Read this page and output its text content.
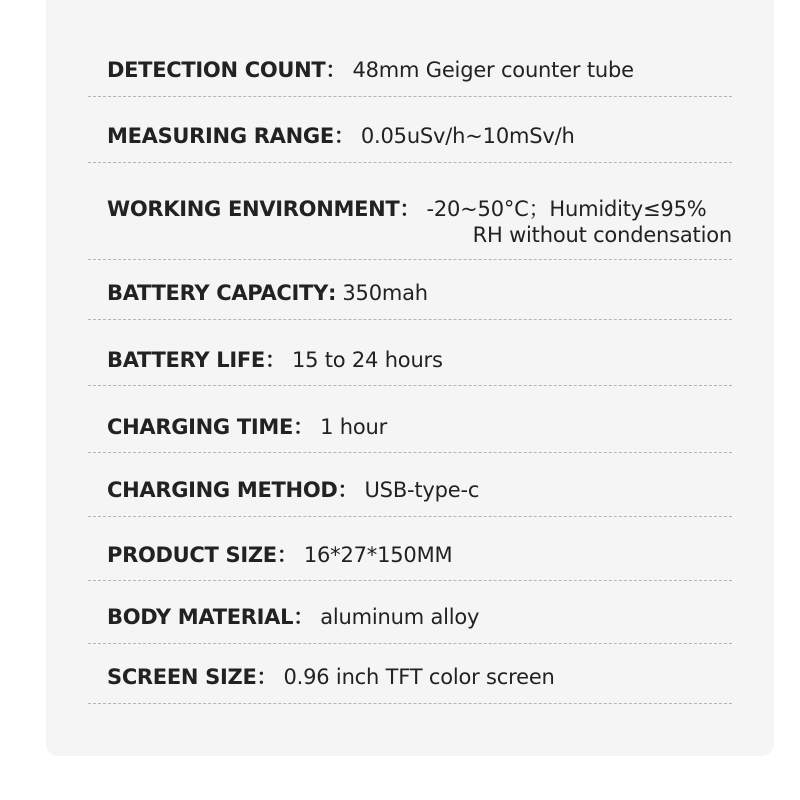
DETECTION COUNT： 48mm Geiger counter tube
MEASURING RANGE： 0.05uSv/h~10mSv/h
WORKING ENVIRONMENT： -20~50°C；Humidity≤95%
RH without condensation
BATTERY CAPACITY: 350mah
BATTERY LIFE： 15 to 24 hours
CHARGING TIME： 1 hour
CHARGING METHOD： USB-type-c
PRODUCT SIZE： 16*27*150MM
BODY MATERIAL： aluminum alloy
SCREEN SIZE： 0.96 inch TFT color screen
